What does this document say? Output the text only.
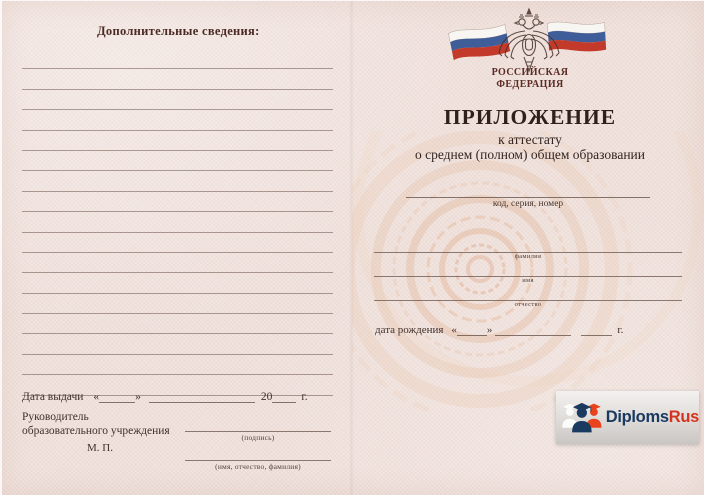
Дополнительные сведения:
Дата выдачи «	»	20	г.
Руководитель
образовательного учреждения
(подпись)
М. П.
(имя, отчество, фамилия)
РОССИЙСКАЯ
ФЕДЕРАЦИЯ
ПРИЛОЖЕНИЕ
к аттестату
о среднем (полном) общем образовании
код, серия, номер
фамилия
имя
отчество
дата рождения «	»	г.
DiplomsRus
